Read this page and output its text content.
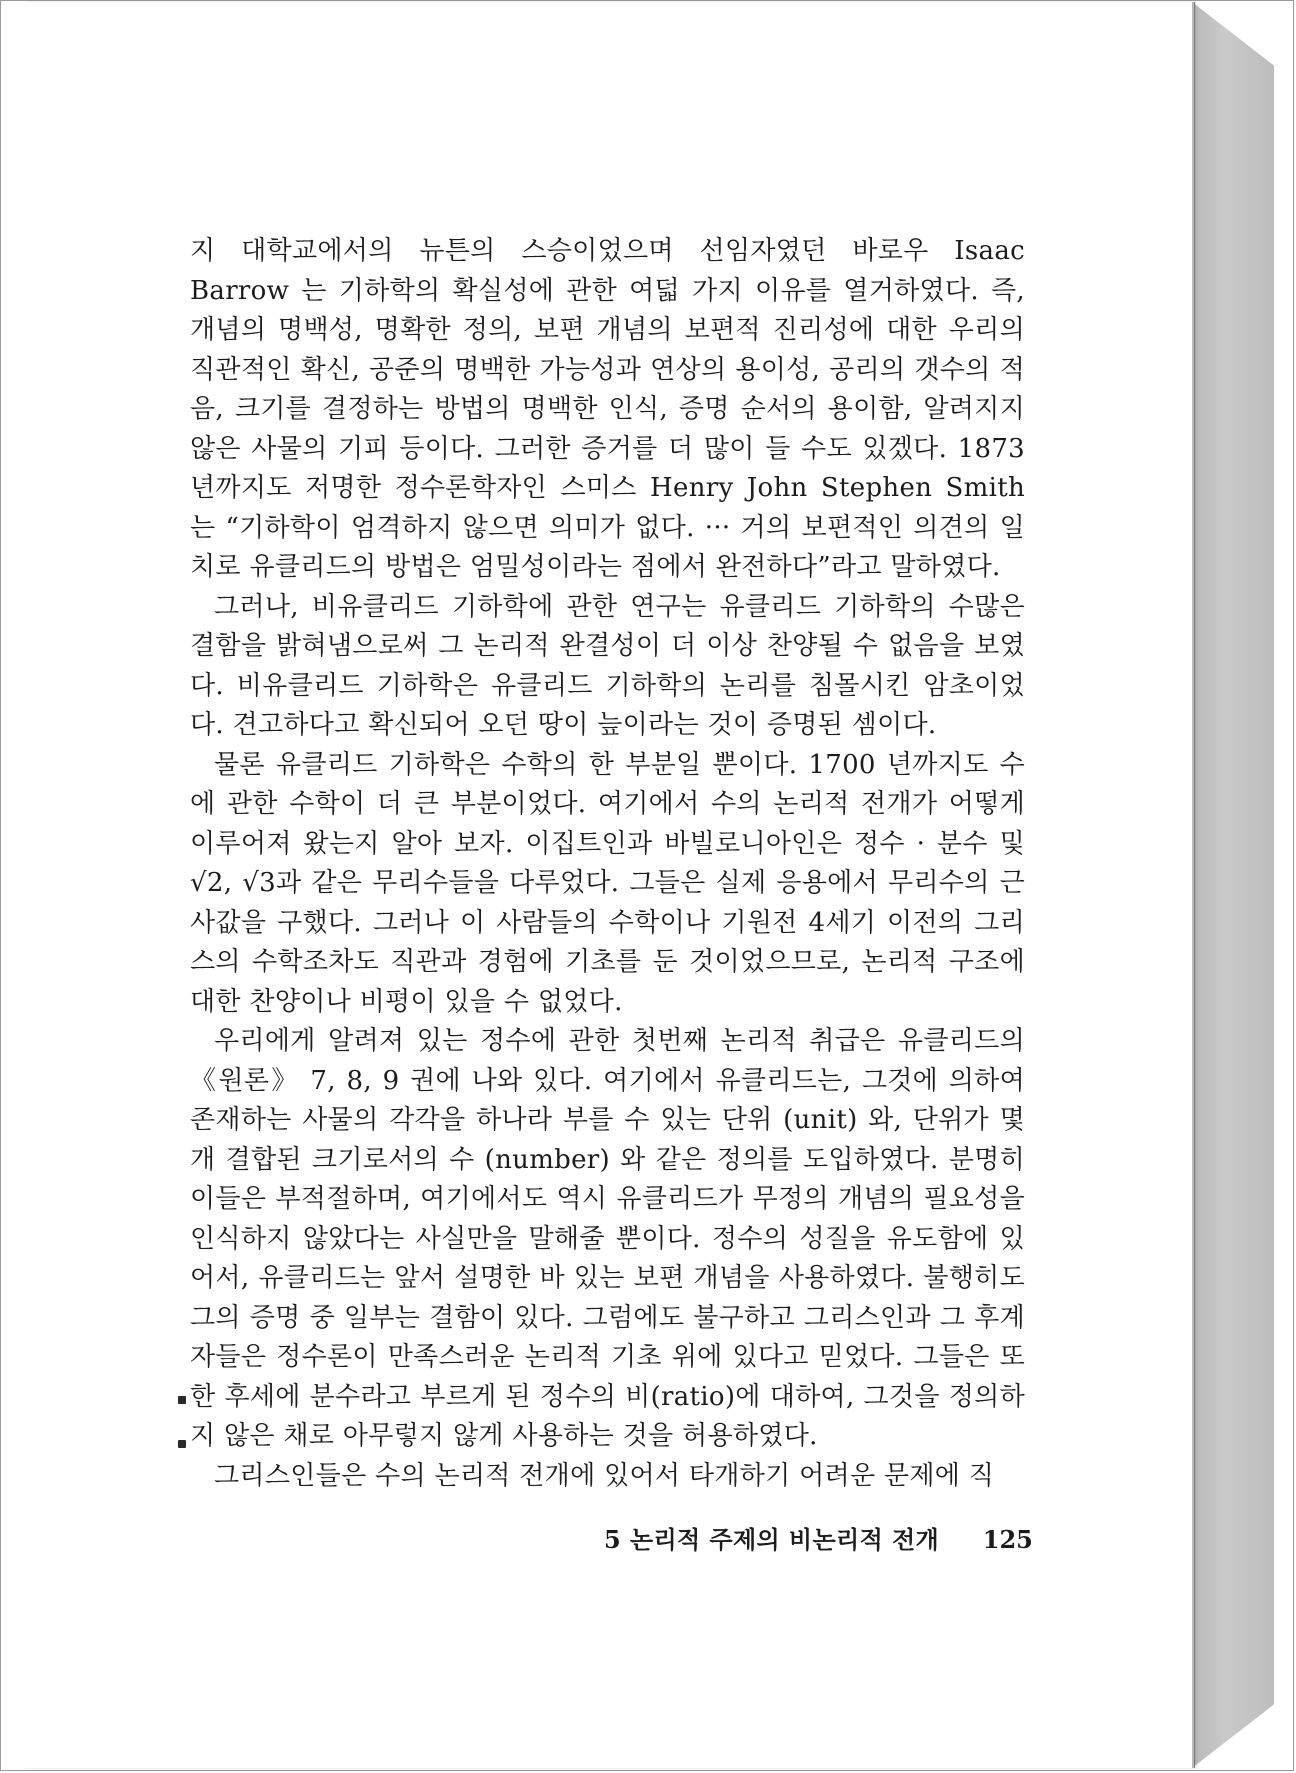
지 대학교에서의 뉴튼의 스승이었으며 선임자였던 바로우 Isaac Barrow 는 기하학의 확실성에 관한 여덟 가지 이유를 열거하였다. 즉, 개념의 명백성, 명확한 정의, 보편 개념의 보편적 진리성에 대한 우리의 직관적인 확신, 공준의 명백한 가능성과 연상의 용이성, 공리의 갯수의 적음, 크기를 결정하는 방법의 명백한 인식, 증명 순서의 용이함, 알려지지 않은 사물의 기피 등이다. 그러한 증거를 더 많이 들 수도 있겠다. 1873 년까지도 저명한 정수론학자인 스미스 Henry John Stephen Smith 는 “기하학이 엄격하지 않으면 의미가 없다. ··· 거의 보편적인 의견의 일치로 유클리드의 방법은 엄밀성이라는 점에서 완전하다”라고 말하였다.

그러나, 비유클리드 기하학에 관한 연구는 유클리드 기하학의 수많은 결함을 밝혀냄으로써 그 논리적 완결성이 더 이상 찬양될 수 없음을 보였다. 비유클리드 기하학은 유클리드 기하학의 논리를 침몰시킨 암초이었다. 견고하다고 확신되어 오던 땅이 늪이라는 것이 증명된 셈이다.

물론 유클리드 기하학은 수학의 한 부분일 뿐이다. 1700 년까지도 수에 관한 수학이 더 큰 부분이었다. 여기에서 수의 논리적 전개가 어떻게 이루어져 왔는지 알아 보자. 이집트인과 바빌로니아인은 정수 · 분수 및 √2, √3과 같은 무리수들을 다루었다. 그들은 실제 응용에서 무리수의 근사값을 구했다. 그러나 이 사람들의 수학이나 기원전 4세기 이전의 그리스의 수학조차도 직관과 경험에 기초를 둔 것이었으므로, 논리적 구조에 대한 찬양이나 비평이 있을 수 없었다.

우리에게 알려져 있는 정수에 관한 첫번째 논리적 취급은 유클리드의 《원론》 7, 8, 9 권에 나와 있다. 여기에서 유클리드는, 그것에 의하여 존재하는 사물의 각각을 하나라 부를 수 있는 단위 (unit) 와, 단위가 몇 개 결합된 크기로서의 수 (number) 와 같은 정의를 도입하였다. 분명히 이들은 부적절하며, 여기에서도 역시 유클리드가 무정의 개념의 필요성을 인식하지 않았다는 사실만을 말해줄 뿐이다. 정수의 성질을 유도함에 있어서, 유클리드는 앞서 설명한 바 있는 보편 개념을 사용하였다. 불행히도 그의 증명 중 일부는 결함이 있다. 그럼에도 불구하고 그리스인과 그 후계자들은 정수론이 만족스러운 논리적 기초 위에 있다고 믿었다. 그들은 또한 후세에 분수라고 부르게 된 정수의 비(ratio)에 대하여, 그것을 정의하지 않은 채로 아무렇지 않게 사용하는 것을 허용하였다.

그리스인들은 수의 논리적 전개에 있어서 타개하기 어려운 문제에 직

5 논리적 주제의 비논리적 전개 125
